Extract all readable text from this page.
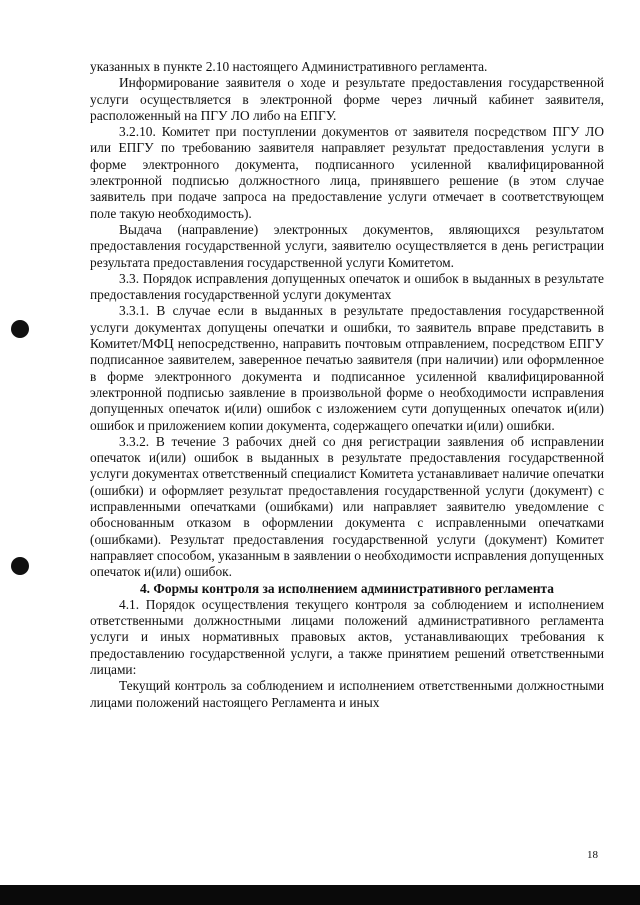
указанных в пункте 2.10 настоящего Административного регламента.

Информирование заявителя о ходе и результате предоставления государственной услуги осуществляется в электронной форме через личный кабинет заявителя, расположенный на ПГУ ЛО либо на ЕПГУ.

3.2.10. Комитет при поступлении документов от заявителя посредством ПГУ ЛО или ЕПГУ по требованию заявителя направляет результат предоставления услуги в форме электронного документа, подписанного усиленной квалифицированной электронной подписью должностного лица, принявшего решение (в этом случае заявитель при подаче запроса на предоставление услуги отмечает в соответствующем поле такую необходимость).

Выдача (направление) электронных документов, являющихся результатом предоставления государственной услуги, заявителю осуществляется в день регистрации результата предоставления государственной услуги Комитетом.

3.3. Порядок исправления допущенных опечаток и ошибок в выданных в результате предоставления государственной услуги документах

3.3.1. В случае если в выданных в результате предоставления государственной услуги документах допущены опечатки и ошибки, то заявитель вправе представить в Комитет/МФЦ непосредственно, направить почтовым отправлением, посредством ЕПГУ подписанное заявителем, заверенное печатью заявителя (при наличии) или оформленное в форме электронного документа и подписанное усиленной квалифицированной электронной подписью заявление в произвольной форме о необходимости исправления допущенных опечаток и(или) ошибок с изложением сути допущенных опечаток и(или) ошибок и приложением копии документа, содержащего опечатки и(или) ошибки.

3.3.2. В течение 3 рабочих дней со дня регистрации заявления об исправлении опечаток и(или) ошибок в выданных в результате предоставления государственной услуги документах ответственный специалист Комитета устанавливает наличие опечатки (ошибки) и оформляет результат предоставления государственной услуги (документ) с исправленными опечатками (ошибками) или направляет заявителю уведомление с обоснованным отказом в оформлении документа с исправленными опечатками (ошибками). Результат предоставления государственной услуги (документ) Комитет направляет способом, указанным в заявлении о необходимости исправления допущенных опечаток и(или) ошибок.

4. Формы контроля за исполнением административного регламента

4.1. Порядок осуществления текущего контроля за соблюдением и исполнением ответственными должностными лицами положений административного регламента услуги и иных нормативных правовых актов, устанавливающих требования к предоставлению государственной услуги, а также принятием решений ответственными лицами:

Текущий контроль за соблюдением и исполнением ответственными должностными лицами положений настоящего Регламента и иных

18
